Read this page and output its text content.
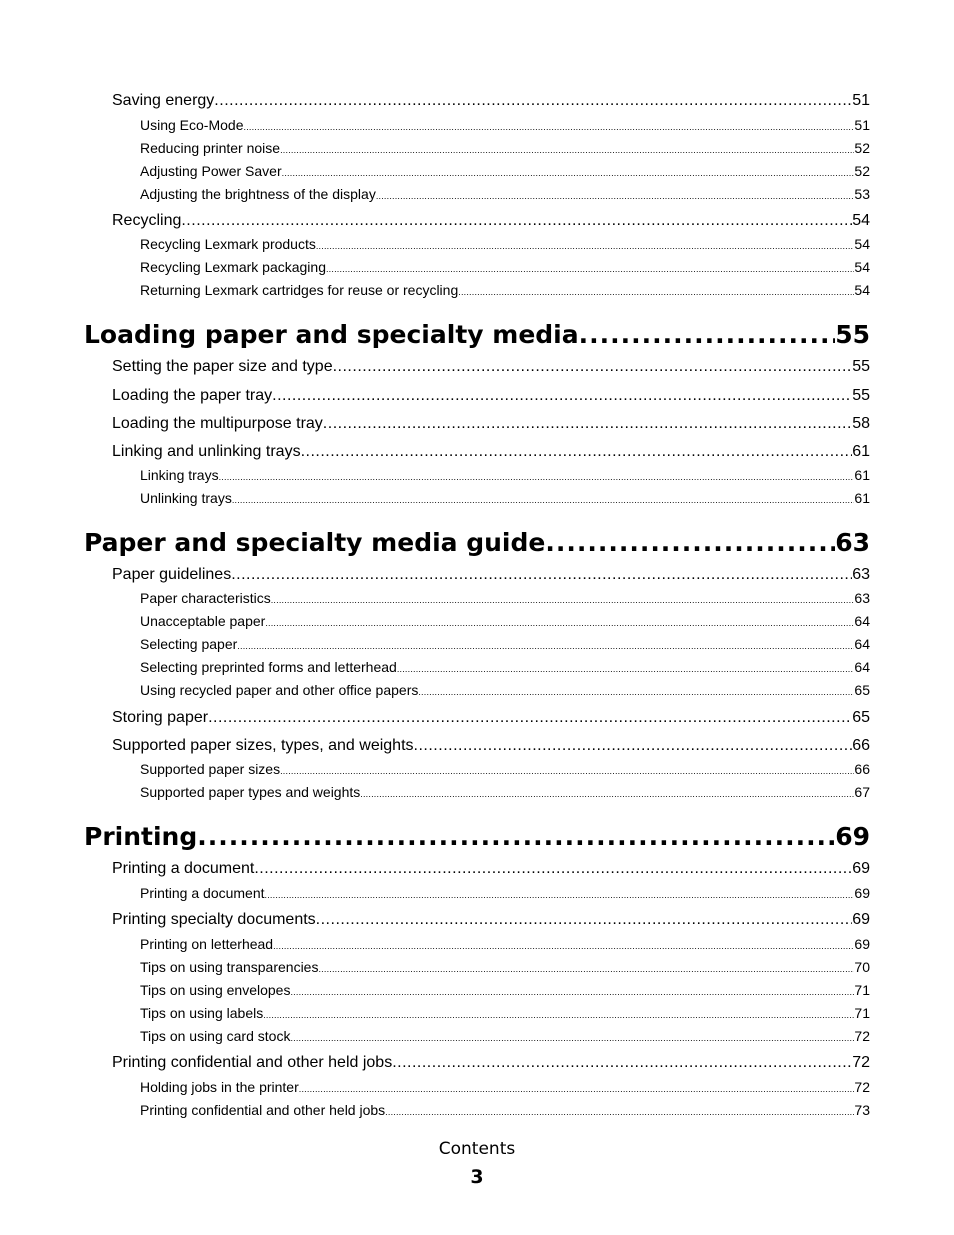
Saving energy .....	51
Using Eco-Mode .....	51
Reducing printer noise .....	52
Adjusting Power Saver .....	52
Adjusting the brightness of the display .....	53
Recycling .....	54
Recycling Lexmark products .....	54
Recycling Lexmark packaging .....	54
Returning Lexmark cartridges for reuse or recycling .....	54
Loading paper and specialty media .....	55
Setting the paper size and type .....	55
Loading the paper tray .....	55
Loading the multipurpose tray .....	58
Linking and unlinking trays .....	61
Linking trays .....	61
Unlinking trays .....	61
Paper and specialty media guide .....	63
Paper guidelines .....	63
Paper characteristics .....	63
Unacceptable paper .....	64
Selecting paper .....	64
Selecting preprinted forms and letterhead .....	64
Using recycled paper and other office papers .....	65
Storing paper .....	65
Supported paper sizes, types, and weights .....	66
Supported paper sizes .....	66
Supported paper types and weights .....	67
Printing .....	69
Printing a document .....	69
Printing a document .....	69
Printing specialty documents .....	69
Printing on letterhead .....	69
Tips on using transparencies .....	70
Tips on using envelopes .....	71
Tips on using labels .....	71
Tips on using card stock .....	72
Printing confidential and other held jobs .....	72
Holding jobs in the printer .....	72
Printing confidential and other held jobs .....	73
Contents
3
